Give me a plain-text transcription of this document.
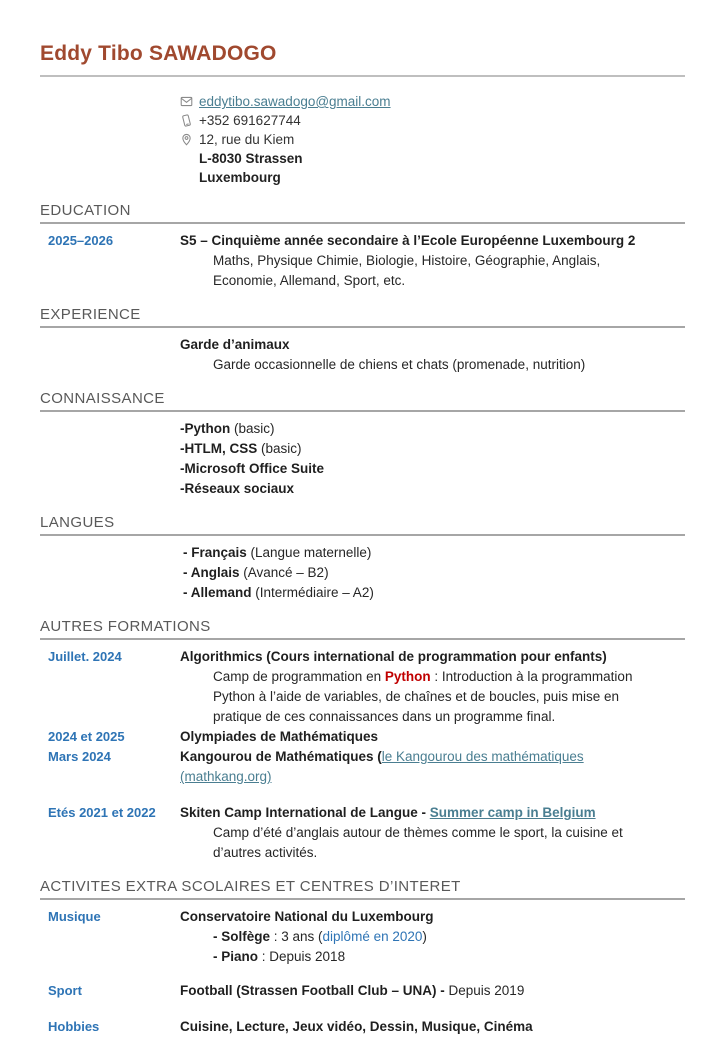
Eddy Tibo SAWADOGO
eddytibo.sawadogo@gmail.com
+352 691627744
12, rue du Kiem
L-8030 Strassen
Luxembourg
EDUCATION
2025–2026	S5 – Cinquième année secondaire à l’Ecole Européenne Luxembourg 2
Maths, Physique Chimie, Biologie, Histoire, Géographie, Anglais, Economie, Allemand, Sport, etc.
EXPERIENCE
Garde d’animaux
Garde occasionnelle de chiens et chats (promenade, nutrition)
CONNAISSANCE
-Python (basic)
-HTLM, CSS (basic)
-Microsoft Office Suite
-Réseaux sociaux
LANGUES
- Français (Langue maternelle)
- Anglais (Avancé – B2)
- Allemand (Intermédiaire – A2)
AUTRES FORMATIONS
Juillet. 2024	Algorithmics (Cours international de programmation pour enfants)
Camp de programmation en Python : Introduction à la programmation Python à l’aide de variables, de chaînes et de boucles, puis mise en pratique de ces connaissances dans un programme final.
2024 et 2025	Olympiades de Mathématiques
Mars 2024	Kangourou de Mathématiques (le Kangourou des mathématiques (mathkang.org)
Etés 2021 et 2022	Skiten Camp International de Langue - Summer camp in Belgium
Camp d’été d’anglais autour de thèmes comme le sport, la cuisine et d’autres activités.
ACTIVITES EXTRA SCOLAIRES ET CENTRES D’INTERET
Musique	Conservatoire National du Luxembourg
- Solfège : 3 ans (diplômé en 2020)
- Piano : Depuis 2018
Sport	Football (Strassen Football Club – UNA) - Depuis 2019
Hobbies	Cuisine, Lecture, Jeux vidéo, Dessin, Musique, Cinéma
